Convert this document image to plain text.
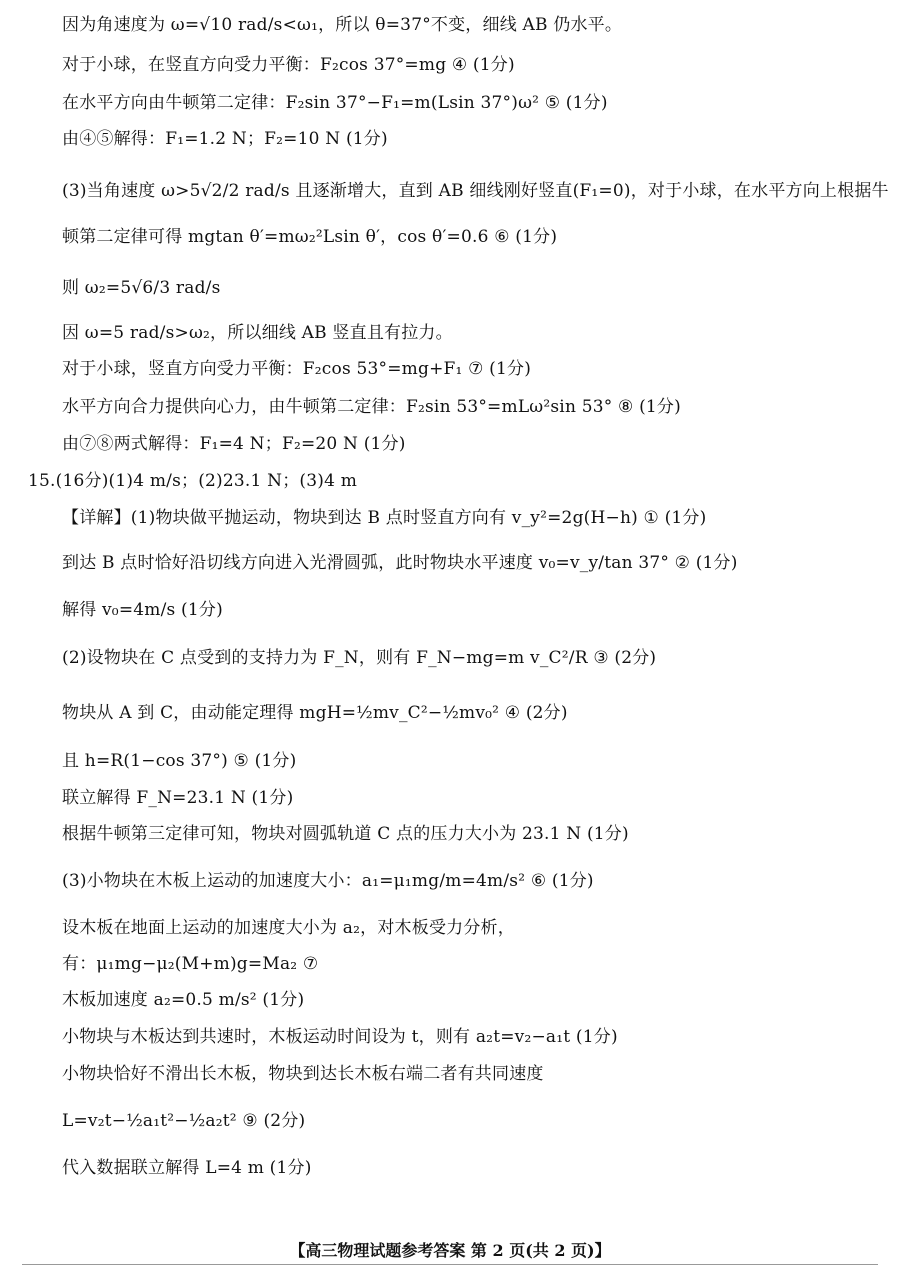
因为角速度为 ω=√10 rad/s<ω₁，所以 θ=37°不变，细线 AB 仍水平。
对于小球，在竖直方向受力平衡：F₂cos 37°=mg ④ (1分)
在水平方向由牛顿第二定律：F₂sin 37°−F₁=m(Lsin 37°)ω² ⑤ (1分)
由④⑤解得：F₁=1.2 N；F₂=10 N (1分)
(3)当角速度 ω>5√2/2 rad/s 且逐渐增大，直到 AB 细线刚好竖直(F₁=0)，对于小球，在水平方向上根据牛
顿第二定律可得 mgtan θ′=mω₂²Lsin θ′，cos θ′=0.6 ⑥ (1分)
则 ω₂=5√6/3 rad/s
因 ω=5 rad/s>ω₂，所以细线 AB 竖直且有拉力。
对于小球，竖直方向受力平衡：F₂cos 53°=mg+F₁ ⑦ (1分)
水平方向合力提供向心力，由牛顿第二定律：F₂sin 53°=mLω²sin 53° ⑧ (1分)
由⑦⑧两式解得：F₁=4 N；F₂=20 N (1分)
15.(16分)(1)4 m/s；(2)23.1 N；(3)4 m
【详解】(1)物块做平抛运动，物块到达 B 点时竖直方向有 v_y²=2g(H−h) ① (1分)
到达 B 点时恰好沿切线方向进入光滑圆弧，此时物块水平速度 v₀=v_y/tan 37° ② (1分)
解得 v₀=4m/s (1分)
(2)设物块在 C 点受到的支持力为 F_N，则有 F_N−mg=m v_C²/R ③ (2分)
物块从 A 到 C，由动能定理得 mgH=½mv_C²−½mv₀² ④ (2分)
且 h=R(1−cos 37°) ⑤ (1分)
联立解得 F_N=23.1 N (1分)
根据牛顿第三定律可知，物块对圆弧轨道 C 点的压力大小为 23.1 N (1分)
(3)小物块在木板上运动的加速度大小：a₁=μ₁mg/m=4m/s² ⑥ (1分)
设木板在地面上运动的加速度大小为 a₂，对木板受力分析，
有：μ₁mg−μ₂(M+m)g=Ma₂ ⑦
木板加速度 a₂=0.5 m/s² (1分)
小物块与木板达到共速时，木板运动时间设为 t，则有 a₂t=v₂−a₁t (1分)
小物块恰好不滑出长木板，物块到达长木板右端二者有共同速度
L=v₂t−½a₁t²−½a₂t² ⑨ (2分)
代入数据联立解得 L=4 m (1分)
【高三物理试题参考答案 第 2 页(共 2 页)】
